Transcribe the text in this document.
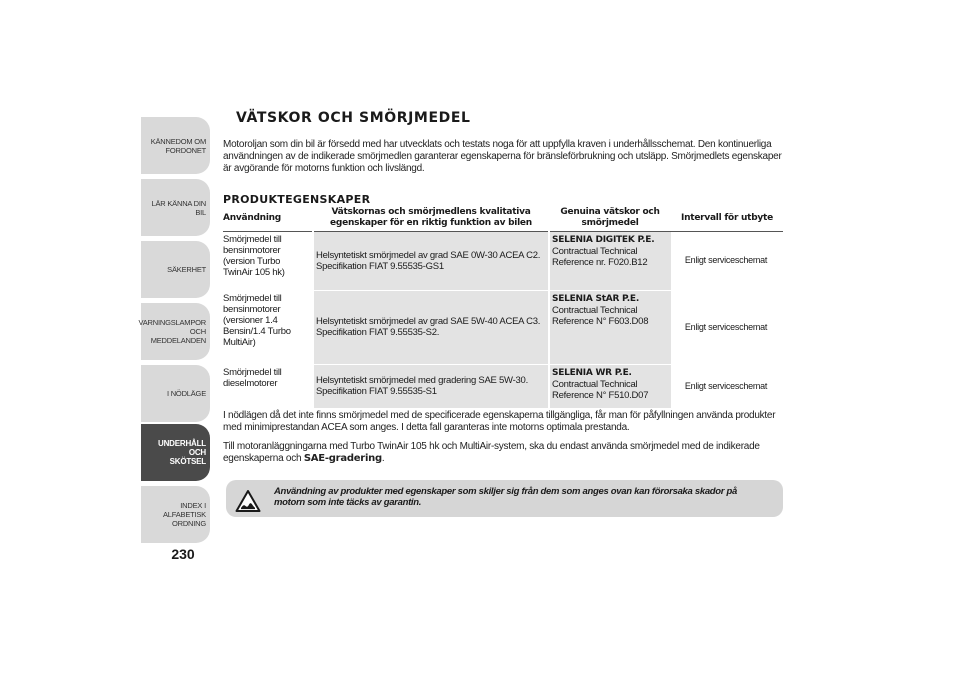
KÄNNEDOM OM
FORDONET
LÄR KÄNNA DIN BIL
SÄKERHET
VARNINGSLAMPOR
OCH MEDDELANDEN
I NÖDLÄGE
UNDERHÅLL OCH
SKÖTSEL
INDEX I ALFABETISK
ORDNING
230
VÄTSKOR OCH SMÖRJMEDEL

Motoroljan som din bil är försedd med har utvecklats och testats noga för att uppfylla kraven i underhållsschemat. Den kontinuerliga användningen av de indikerade smörjmedlen garanterar egenskaperna för bränsleförbrukning och utsläpp. Smörjmedlets egenskaper är avgörande för motorns funktion och livslängd.

PRODUKTEGENSKAPER
Användning	Vätskornas och smörjmedlens kvalitativa egenskaper för en riktig funktion av bilen	Genuina vätskor och smörjmedel	Intervall för utbyte
Smörjmedel till bensinmotorer (version Turbo TwinAir 105 hk)	Helsyntetiskt smörjmedel av grad SAE 0W-30 ACEA C2. Specifikation FIAT 9.55535-GS1	SELENIA DIGITEK P.E.
Contractual Technical
Reference nr. F020.B12	Enligt serviceschemat
Smörjmedel till bensinmotorer (versioner 1.4 Bensin/1.4 Turbo MultiAir)	Helsyntetiskt smörjmedel av grad SAE 5W-40 ACEA C3. Specifikation FIAT 9.55535-S2.	SELENIA StAR P.E.
Contractual Technical
Reference N° F603.D08	Enligt serviceschemat
Smörjmedel till dieselmotorer	Helsyntetiskt smörjmedel med gradering SAE 5W-30. Specifikation FIAT 9.55535-S1	SELENIA WR P.E.
Contractual Technical
Reference N° F510.D07	Enligt serviceschemat

I nödlägen då det inte finns smörjmedel med de specificerade egenskaperna tillgängliga, får man för påfyllningen använda produkter med minimiprestandan ACEA som anges. I detta fall garanteras inte motorns optimala prestanda.

Till motoranläggningarna med Turbo TwinAir 105 hk och MultiAir-system, ska du endast använda smörjmedel med de indikerade egenskaperna och SAE-gradering.

Användning av produkter med egenskaper som skiljer sig från dem som anges ovan kan förorsaka skador på motorn som inte täcks av garantin.
